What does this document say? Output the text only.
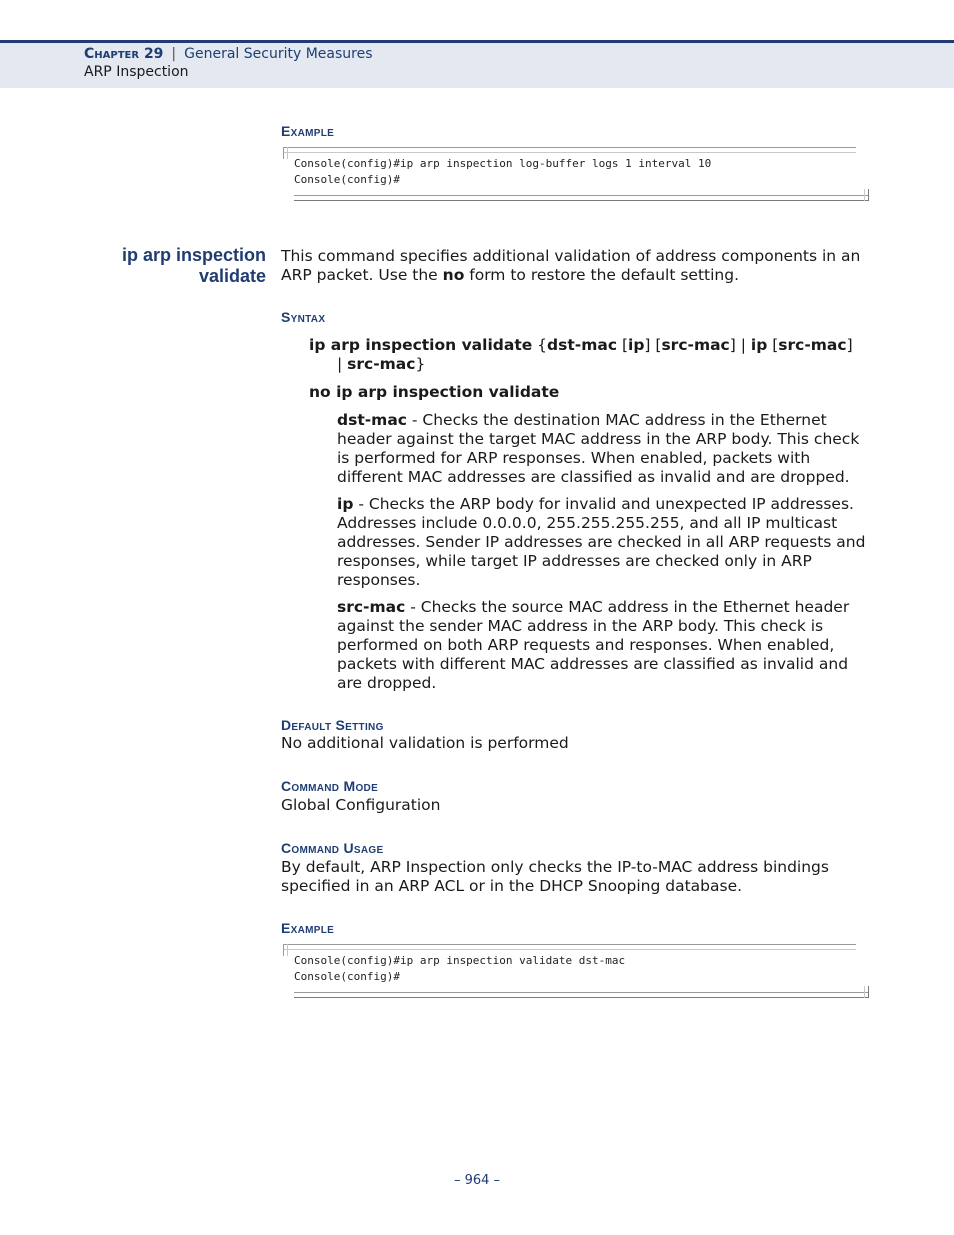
Chapter 29 | General Security Measures
ARP Inspection
Example
Console(config)#ip arp inspection log-buffer logs 1 interval 10
Console(config)#
ip arp inspection
validate
This command specifies additional validation of address components in an ARP packet. Use the no form to restore the default setting.
Syntax
ip arp inspection validate {dst-mac [ip] [src-mac] | ip [src-mac]
| src-mac}
no ip arp inspection validate
dst-mac - Checks the destination MAC address in the Ethernet header against the target MAC address in the ARP body. This check is performed for ARP responses. When enabled, packets with different MAC addresses are classified as invalid and are dropped.
ip - Checks the ARP body for invalid and unexpected IP addresses. Addresses include 0.0.0.0, 255.255.255.255, and all IP multicast addresses. Sender IP addresses are checked in all ARP requests and responses, while target IP addresses are checked only in ARP responses.
src-mac - Checks the source MAC address in the Ethernet header against the sender MAC address in the ARP body. This check is performed on both ARP requests and responses. When enabled, packets with different MAC addresses are classified as invalid and are dropped.
Default Setting
No additional validation is performed
Command Mode
Global Configuration
Command Usage
By default, ARP Inspection only checks the IP-to-MAC address bindings specified in an ARP ACL or in the DHCP Snooping database.
Example
Console(config)#ip arp inspection validate dst-mac
Console(config)#
– 964 –
